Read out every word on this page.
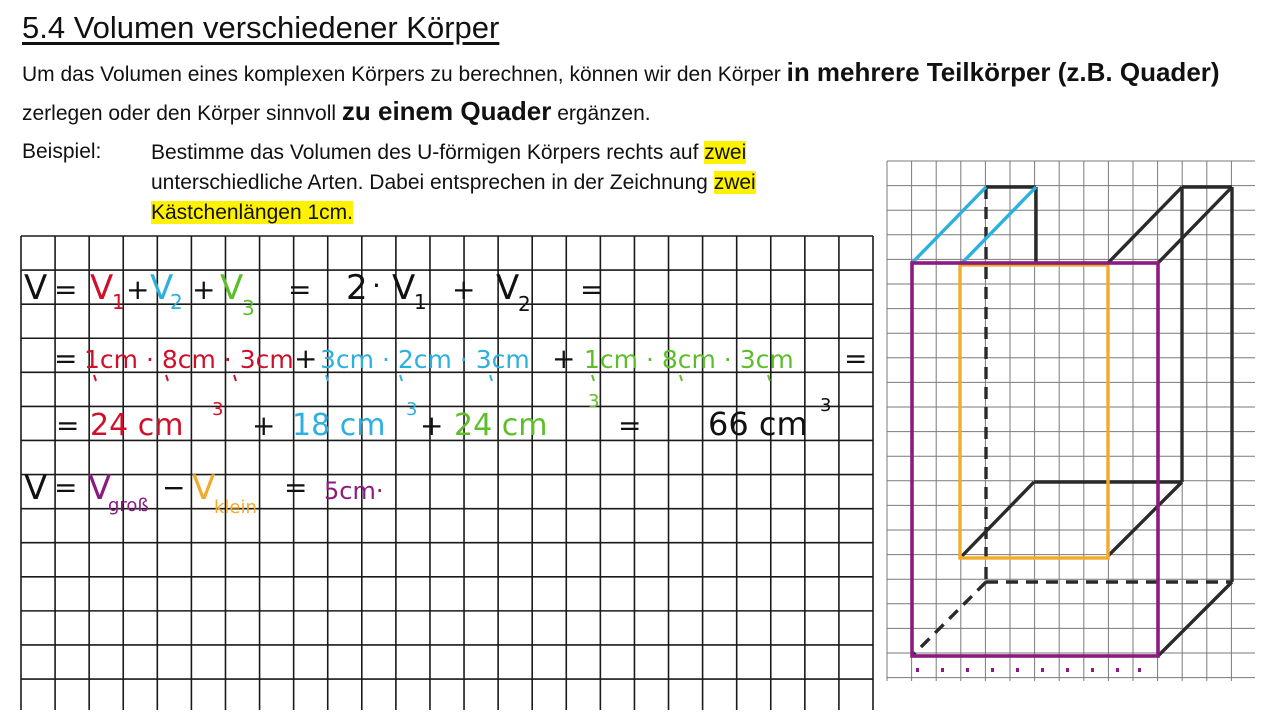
5.4 Volumen verschiedener Körper
Um das Volumen eines komplexen Körpers zu berechnen, können wir den Körper in mehrere Teilkörper (z.B. Quader) zerlegen oder den Körper sinnvoll zu einem Quader ergänzen.
Beispiel: Bestimme das Volumen des U-förmigen Körpers rechts auf zwei unterschiedliche Arten. Dabei entsprechen in der Zeichnung zwei Kästchenlängen 1cm.
V = V
1 + V
2 + V
3
= 2 · V
1 + V
2 =
= 1cm · 8cm · 3cm + 3cm · 2cm · 3cm + 1cm · 8cm · 3cm =
= 24 cm 3 + 18 cm 3 + 24 cm
3
= 66 cm 3
V = V
groß
− V
klein
= 5cm·
